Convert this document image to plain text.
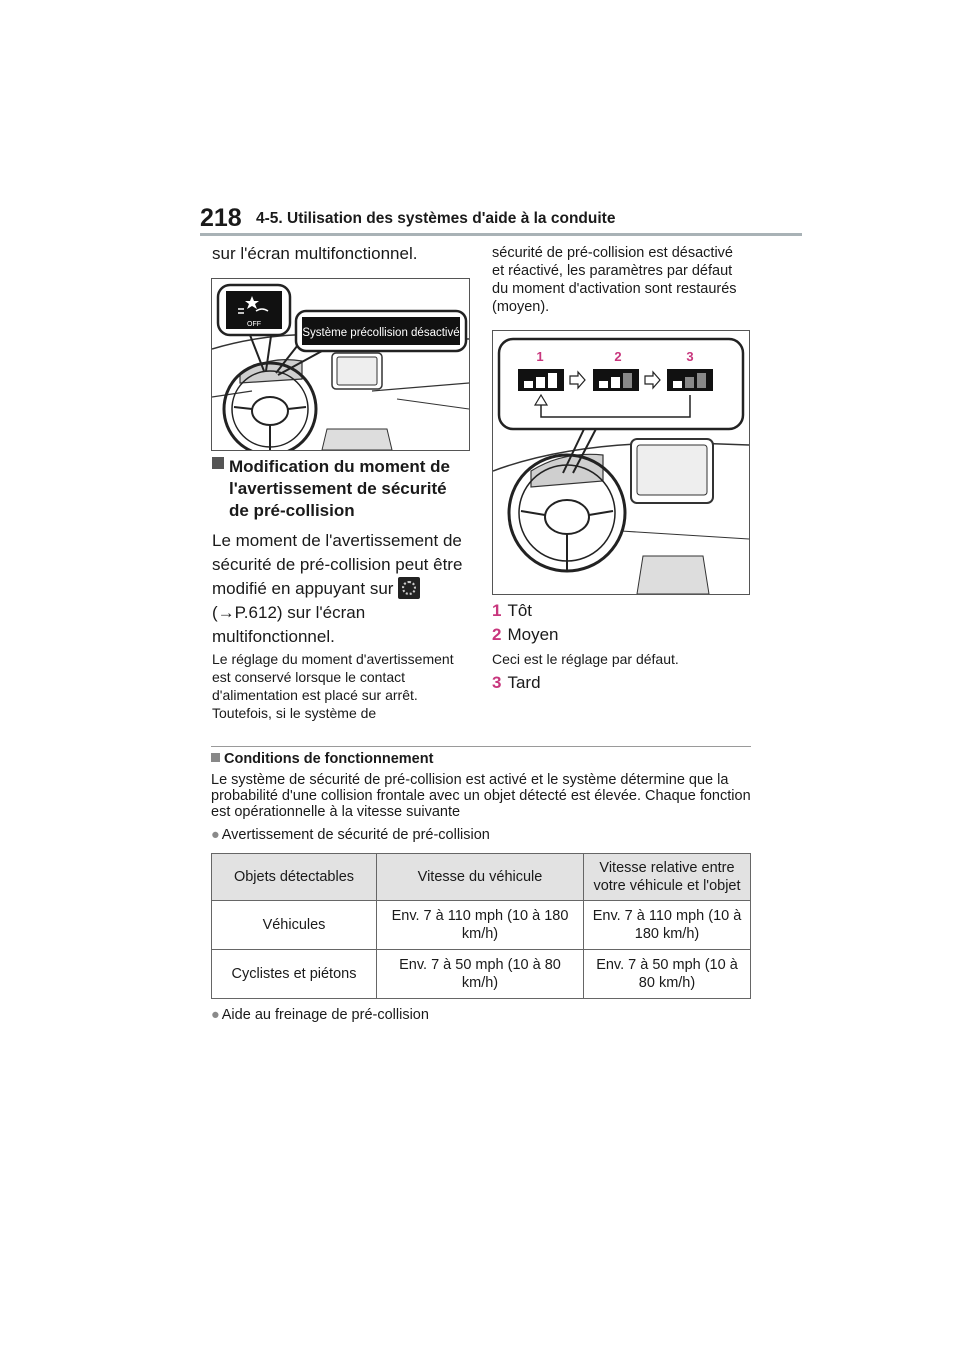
218 4-5. Utilisation des systèmes d'aide à la conduite
sur l'écran multifonctionnel.
OFF
Système précollision désactivé
Modification du moment de l'avertissement de sécurité de pré-collision
Le moment de l'avertissement de sécurité de pré-collision peut être modifié en appuyant sur
(→P.612) sur l'écran multifonctionnel.
Le réglage du moment d'avertissement est conservé lorsque le contact d'alimentation est placé sur arrêt. Toutefois, si le système de
sécurité de pré-collision est désactivé et réactivé, les paramètres par défaut du moment d'activation sont restaurés (moyen).
1	2	3
1 Tôt
2 Moyen
Ceci est le réglage par défaut.
3 Tard
Conditions de fonctionnement
Le système de sécurité de pré-collision est activé et le système détermine que la probabilité d'une collision frontale avec un objet détecté est élevée. Chaque fonction est opérationnelle à la vitesse suivante
● Avertissement de sécurité de pré-collision
Objets détectables	Vitesse du véhicule	Vitesse relative entre votre véhicule et l'objet
Véhicules	Env. 7 à 110 mph (10 à 180 km/h)	Env. 7 à 110 mph (10 à 180 km/h)
Cyclistes et piétons	Env. 7 à 50 mph (10 à 80 km/h)	Env. 7 à 50 mph (10 à 80 km/h)
● Aide au freinage de pré-collision
